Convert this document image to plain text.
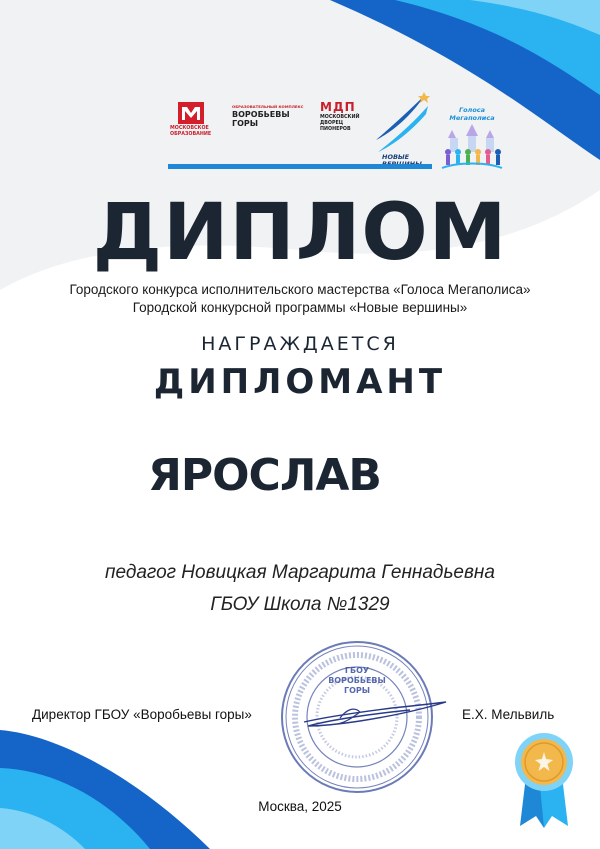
МОСКОВСКОЕ
ОБРАЗОВАНИЕ
ОБРАЗОВАТЕЛЬНЫЙ КОМПЛЕКС
ВОРОБЬЕВЫ
ГОРЫ
МДП
МОСКОВСКИЙ
ДВОРЕЦ
ПИОНЕРОВ
НОВЫЕ

Голоса Мегаполиса
ДИПЛОМ
Городского конкурса исполнительского мастерства «Голоса Мегаполиса»
Городской конкурсной программы «Новые вершины»
НАГРАЖДАЕТСЯ
ДИПЛОМАНТ
ЯРОСЛАВ
педагог Новицкая Маргарита Геннадьевна
ГБОУ Школа №1329
ГБОУ
ВОРОБЬЕВЫ
ГОРЫ
Директор ГБОУ «Воробьевы горы»	Е.Х. Мельвиль
Москва, 2025
